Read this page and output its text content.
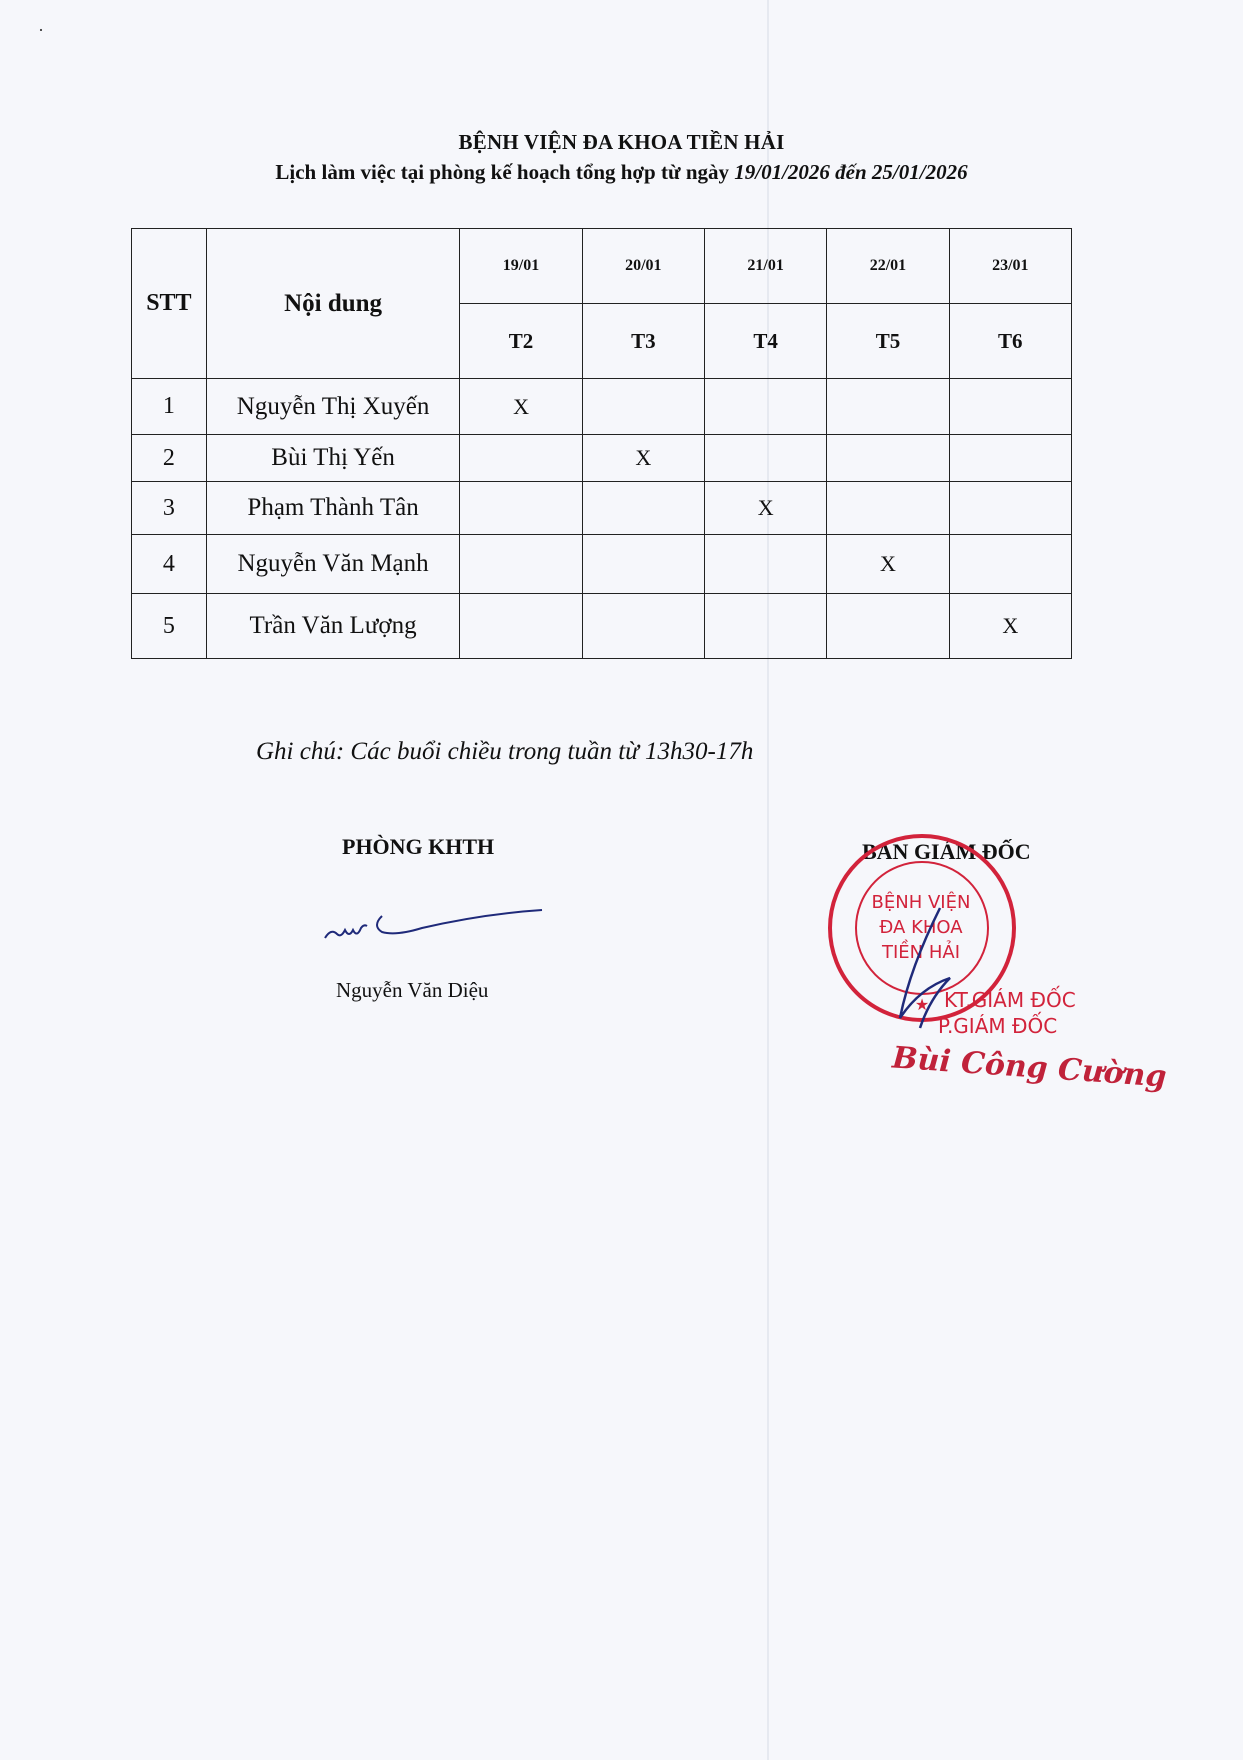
·
BỆNH VIỆN ĐA KHOA TIỀN HẢI
Lịch làm việc tại phòng kế hoạch tổng hợp từ ngày 19/01/2026 đến 25/01/2026
STT	Nội dung	19/01	20/01	21/01	22/01	23/01
		T2	T3	T4	T5	T6
1	Nguyễn Thị Xuyến	X				
2	Bùi Thị Yến		X			
3	Phạm Thành Tân			X		
4	Nguyễn Văn Mạnh				X	
5	Trần Văn Lượng					X
Ghi chú: Các buổi chiều trong tuần từ 13h30-17h
PHÒNG KHTH
Nguyễn Văn Diệu
BAN GIÁM ĐỐC
★
BỆNH VIỆN
ĐA KHOA
TIỀN HẢI
KT.GIÁM ĐỐC
P.GIÁM ĐỐC
Bùi Công Cường
